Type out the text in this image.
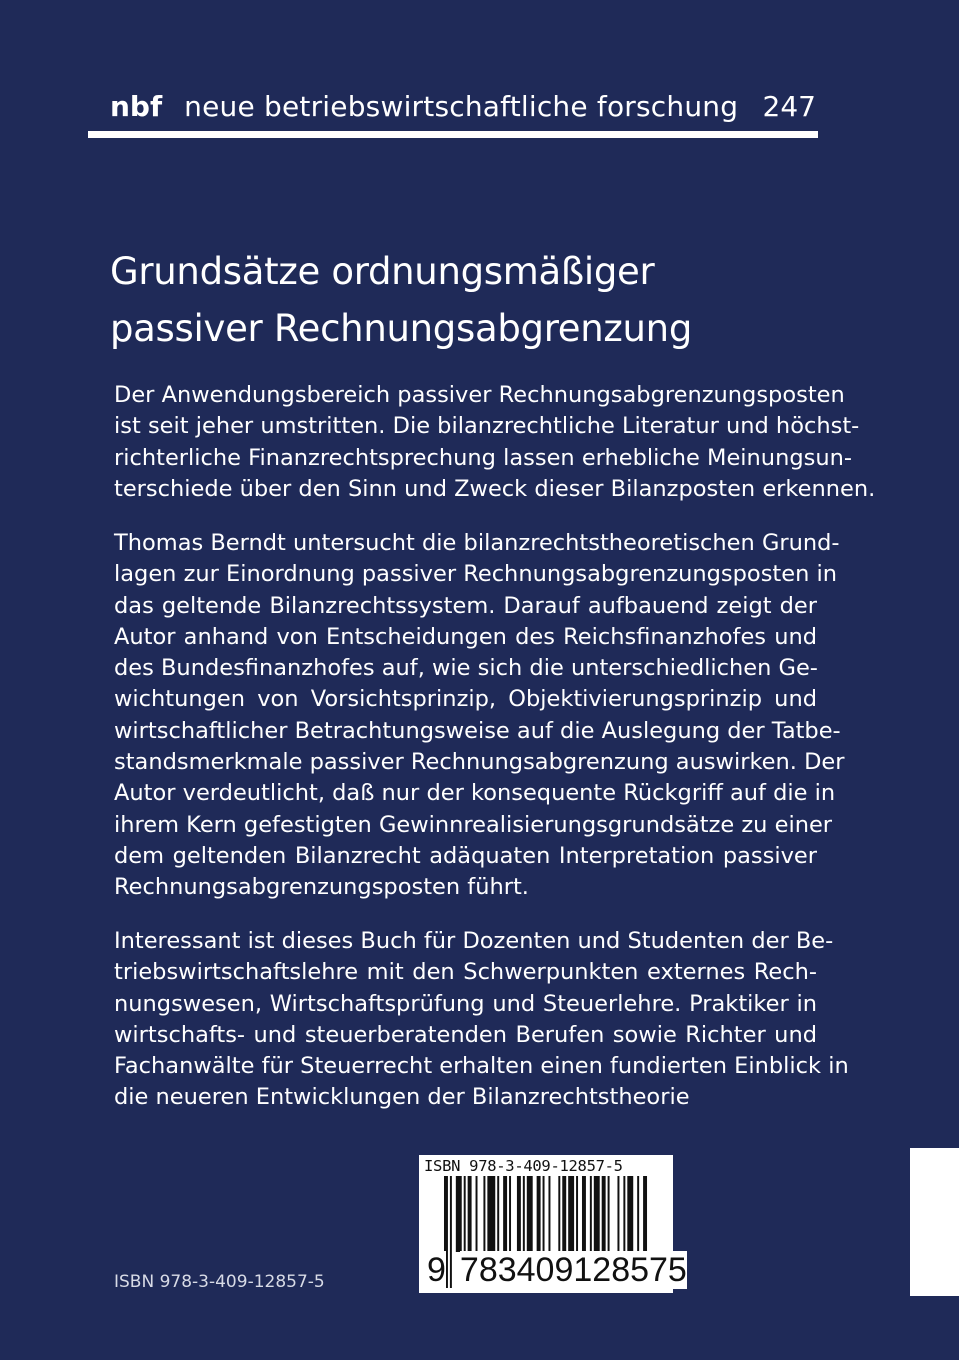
nbf neue betriebswirtschaftliche forschung 247
Grundsätze ordnungsmäßiger
passiver Rechnungsabgrenzung
Der Anwendungsbereich passiver Rechnungsabgrenzungsposten
ist seit jeher umstritten. Die bilanzrechtliche Literatur und höchst-
richterliche Finanzrechtsprechung lassen erhebliche Meinungsun-
terschiede über den Sinn und Zweck dieser Bilanzposten erkennen.
Thomas Berndt untersucht die bilanzrechtstheoretischen Grund-
lagen zur Einordnung passiver Rechnungsabgrenzungsposten in
das geltende Bilanzrechtssystem. Darauf aufbauend zeigt der
Autor anhand von Entscheidungen des Reichsfinanzhofes und
des Bundesfinanzhofes auf, wie sich die unterschiedlichen Ge-
wichtungen von Vorsichtsprinzip, Objektivierungsprinzip und
wirtschaftlicher Betrachtungsweise auf die Auslegung der Tatbe-
standsmerkmale passiver Rechnungsabgrenzung auswirken. Der
Autor verdeutlicht, daß nur der konsequente Rückgriff auf die in
ihrem Kern gefestigten Gewinnrealisierungsgrundsätze zu einer
dem geltenden Bilanzrecht adäquaten Interpretation passiver
Rechnungsabgrenzungsposten führt.
Interessant ist dieses Buch für Dozenten und Studenten der Be-
triebswirtschaftslehre mit den Schwerpunkten externes Rech-
nungswesen, Wirtschaftsprüfung und Steuerlehre. Praktiker in
wirtschafts- und steuerberatenden Berufen sowie Richter und
Fachanwälte für Steuerrecht erhalten einen fundierten Einblick in
die neueren Entwicklungen der Bilanzrechtstheorie
ISBN 978-3-409-12857-5
ISBN 978-3-409-12857-5
9 783409128575
